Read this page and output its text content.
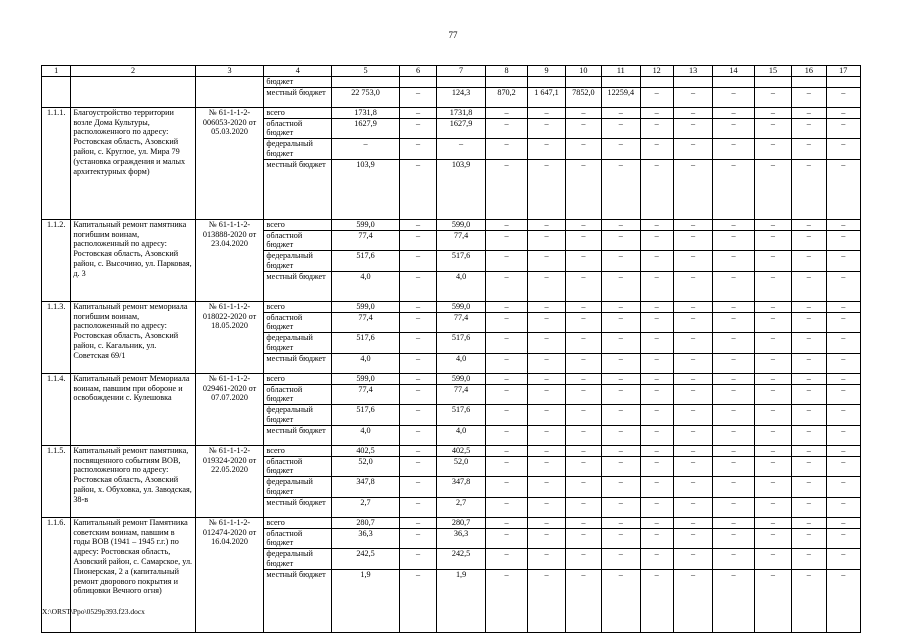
77
1	2	3	4	5	6	7	8	9	10	11	12	13	14	15	16	17
			бюджет													
			местный бюджет	22 753,0	–	124,3	870,2	1 647,1	7852,0	12259,4	–	–	–	–	–	–
1.1.1.	Благоустройство территории возле Дома Культуры, расположенного по адресу: Ростовская область, Азовский район, с. Круглое, ул. Мира 79 (установка ограждения и малых архитектурных форм)	№ 61-1-1-2-006053-2020 от 05.03.2020	всего	1731,8	–	1731,8	–	–	–	–	–	–	–	–	–	–
			областной бюджет	1627,9	–	1627,9	–	–	–	–	–	–	–	–	–	–
			федеральный бюджет	–	–	–	–	–	–	–	–	–	–	–	–	–
			местный бюджет	103,9	–	103,9	–	–	–	–	–	–	–	–	–	–
1.1.2.	Капитальный ремонт памятника погибшим воинам, расположенный по адресу: Ростовская область, Азовский район, с. Высочино, ул. Парковая, д. 3	№ 61-1-1-2-013888-2020 от 23.04.2020	всего	599,0	–	599,0	–	–	–	–	–	–	–	–	–	–
			областной бюджет	77,4	–	77,4	–	–	–	–	–	–	–	–	–	–
			федеральный бюджет	517,6	–	517,6	–	–	–	–	–	–	–	–	–	–
			местный бюджет	4,0	–	4,0	–	–	–	–	–	–	–	–	–	–
1.1.3.	Капитальный ремонт мемориала погибшим воинам, расположенный по адресу: Ростовская область, Азовский район, с. Кагальник, ул. Советская 69/1	№ 61-1-1-2-018022-2020 от 18.05.2020	всего	599,0	–	599,0	–	–	–	–	–	–	–	–	–	–
			областной бюджет	77,4	–	77,4	–	–	–	–	–	–	–	–	–	–
			федеральный бюджет	517,6	–	517,6	–	–	–	–	–	–	–	–	–	–
			местный бюджет	4,0	–	4,0	–	–	–	–	–	–	–	–	–	–
1.1.4.	Капитальный ремонт Мемориала воинам, павшим при обороне и освобождении с. Кулешовка	№ 61-1-1-2-029461-2020 от 07.07.2020	всего	599,0	–	599,0	–	–	–	–	–	–	–	–	–	–
			областной бюджет	77,4	–	77,4	–	–	–	–	–	–	–	–	–	–
			федеральный бюджет	517,6	–	517,6	–	–	–	–	–	–	–	–	–	–
			местный бюджет	4,0	–	4,0	–	–	–	–	–	–	–	–	–	–
1.1.5.	Капитальный ремонт памятника, посвященного событиям ВОВ, расположенного по адресу: Ростовская область, Азовский район, х. Обуховка, ул. Заводская, 38-в	№ 61-1-1-2-019324-2020 от 22.05.2020	всего	402,5	–	402,5	–	–	–	–	–	–	–	–	–	–
			областной бюджет	52,0	–	52,0	–	–	–	–	–	–	–	–	–	–
			федеральный бюджет	347,8	–	347,8	–	–	–	–	–	–	–	–	–	–
			местный бюджет	2,7	–	2,7	–	–	–	–	–	–	–	–	–	–
1.1.6.	Капитальный ремонт Памятника советским воинам, павшим в годы ВОВ (1941 – 1945 г.г.) по адресу: Ростовская область, Азовский район, с. Самарское, ул. Пионерская, 2 а (капитальный ремонт дворового покрытия и облицовки Вечного огня)	№ 61-1-1-2-012474-2020 от 16.04.2020	всего	280,7	–	280,7	–	–	–	–	–	–	–	–	–	–
			областной бюджет	36,3	–	36,3	–	–	–	–	–	–	–	–	–	–
			федеральный бюджет	242,5	–	242,5	–	–	–	–	–	–	–	–	–	–
			местный бюджет	1,9	–	1,9	–	–	–	–	–	–	–	–	–	–
X:\ORST\Ppo\0529p393.f23.docx
